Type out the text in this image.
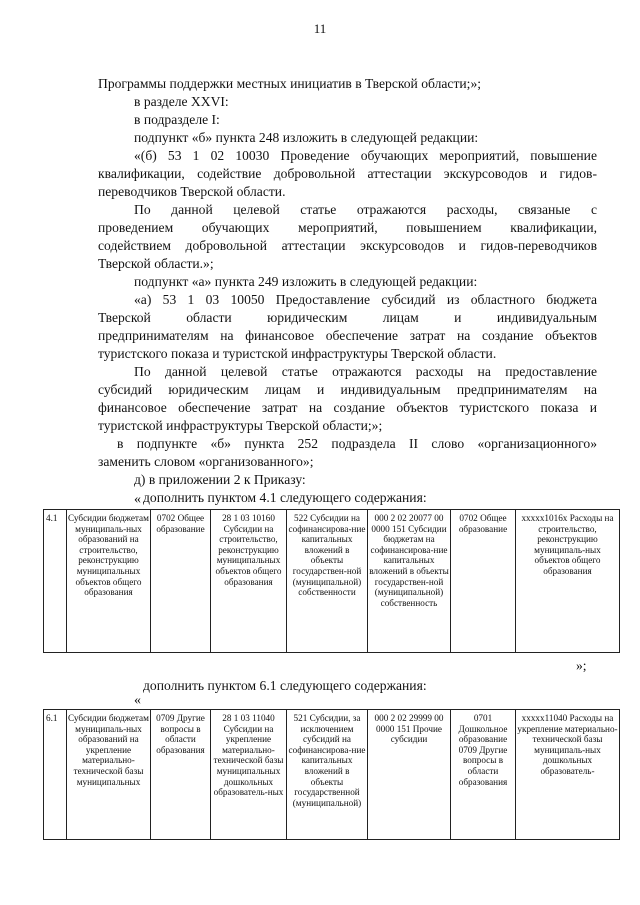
11
Программы поддержки местных инициатив в Тверской области;»;
в разделе XXVI:
в подразделе I:
подпункт «б» пункта 248 изложить в следующей редакции:
«(б) 53 1 02 10030 Проведение обучающих мероприятий, повышение
квалификации, содействие добровольной аттестации экскурсоводов и гидов-
переводчиков Тверской области.
По данной целевой статье отражаются расходы, связаные с
проведением обучающих мероприятий, повышением квалификации,
содействием добровольной аттестации экскурсоводов и гидов-переводчиков
Тверской области.»;
подпункт «а» пункта 249 изложить в следующей редакции:
«а) 53 1 03 10050 Предоставление субсидий из областного бюджета
Тверской области юридическим лицам и индивидуальным
предпринимателям на финансовое обеспечение затрат на создание объектов
туристского показа и туристской инфраструктуры Тверской области.
По данной целевой статье отражаются расходы на предоставление
субсидий юридическим лицам и индивидуальным предпринимателям на
финансовое обеспечение затрат на создание объектов туристского показа и
туристской инфраструктуры Тверской области;»;
в подпункте «б» пункта 252 подраздела II слово «организационного»
заменить словом «организованного»;
д) в приложении 2 к Приказу:
дополнить пунктом 4.1 следующего содержания:
«
4.1	Субсидии бюджетам муниципаль-ных образований на строительство, реконструкцию муниципальных объектов общего образования	0702 Общее образование	28 1 03 10160 Субсидии на строительство, реконструкцию муниципальных объектов общего образования	522 Субсидии на софинансирова-ние капитальных вложений в объекты государствен-ной (муниципальной) собственности	000 2 02 20077 00 0000 151 Субсидии бюджетам на софинансирова-ние капитальных вложений в объекты государствен-ной (муниципальной) собственность	0702 Общее образование	xxxxx1016x Расходы на строительство, реконструкцию муниципаль-ных объектов общего образования
»;
дополнить пунктом 6.1 следующего содержания:
«
6.1	Субсидии бюджетам муниципаль-ных образований на укрепление материально-технической базы муниципальных	0709 Другие вопросы в области образования	28 1 03 11040 Субсидии на укрепление материально-технической базы муниципальных дошкольных образователь-ных	521 Субсидии, за исключением субсидий на софинансирова-ние капитальных вложений в объекты государственной (муниципальной)	000 2 02 29999 00 0000 151 Прочие субсидии	0701 Дошкольное образование 0709 Другие вопросы в области образования	xxxxx11040 Расходы на укрепление материально-технической базы муниципаль-ных дошкольных образователь-
